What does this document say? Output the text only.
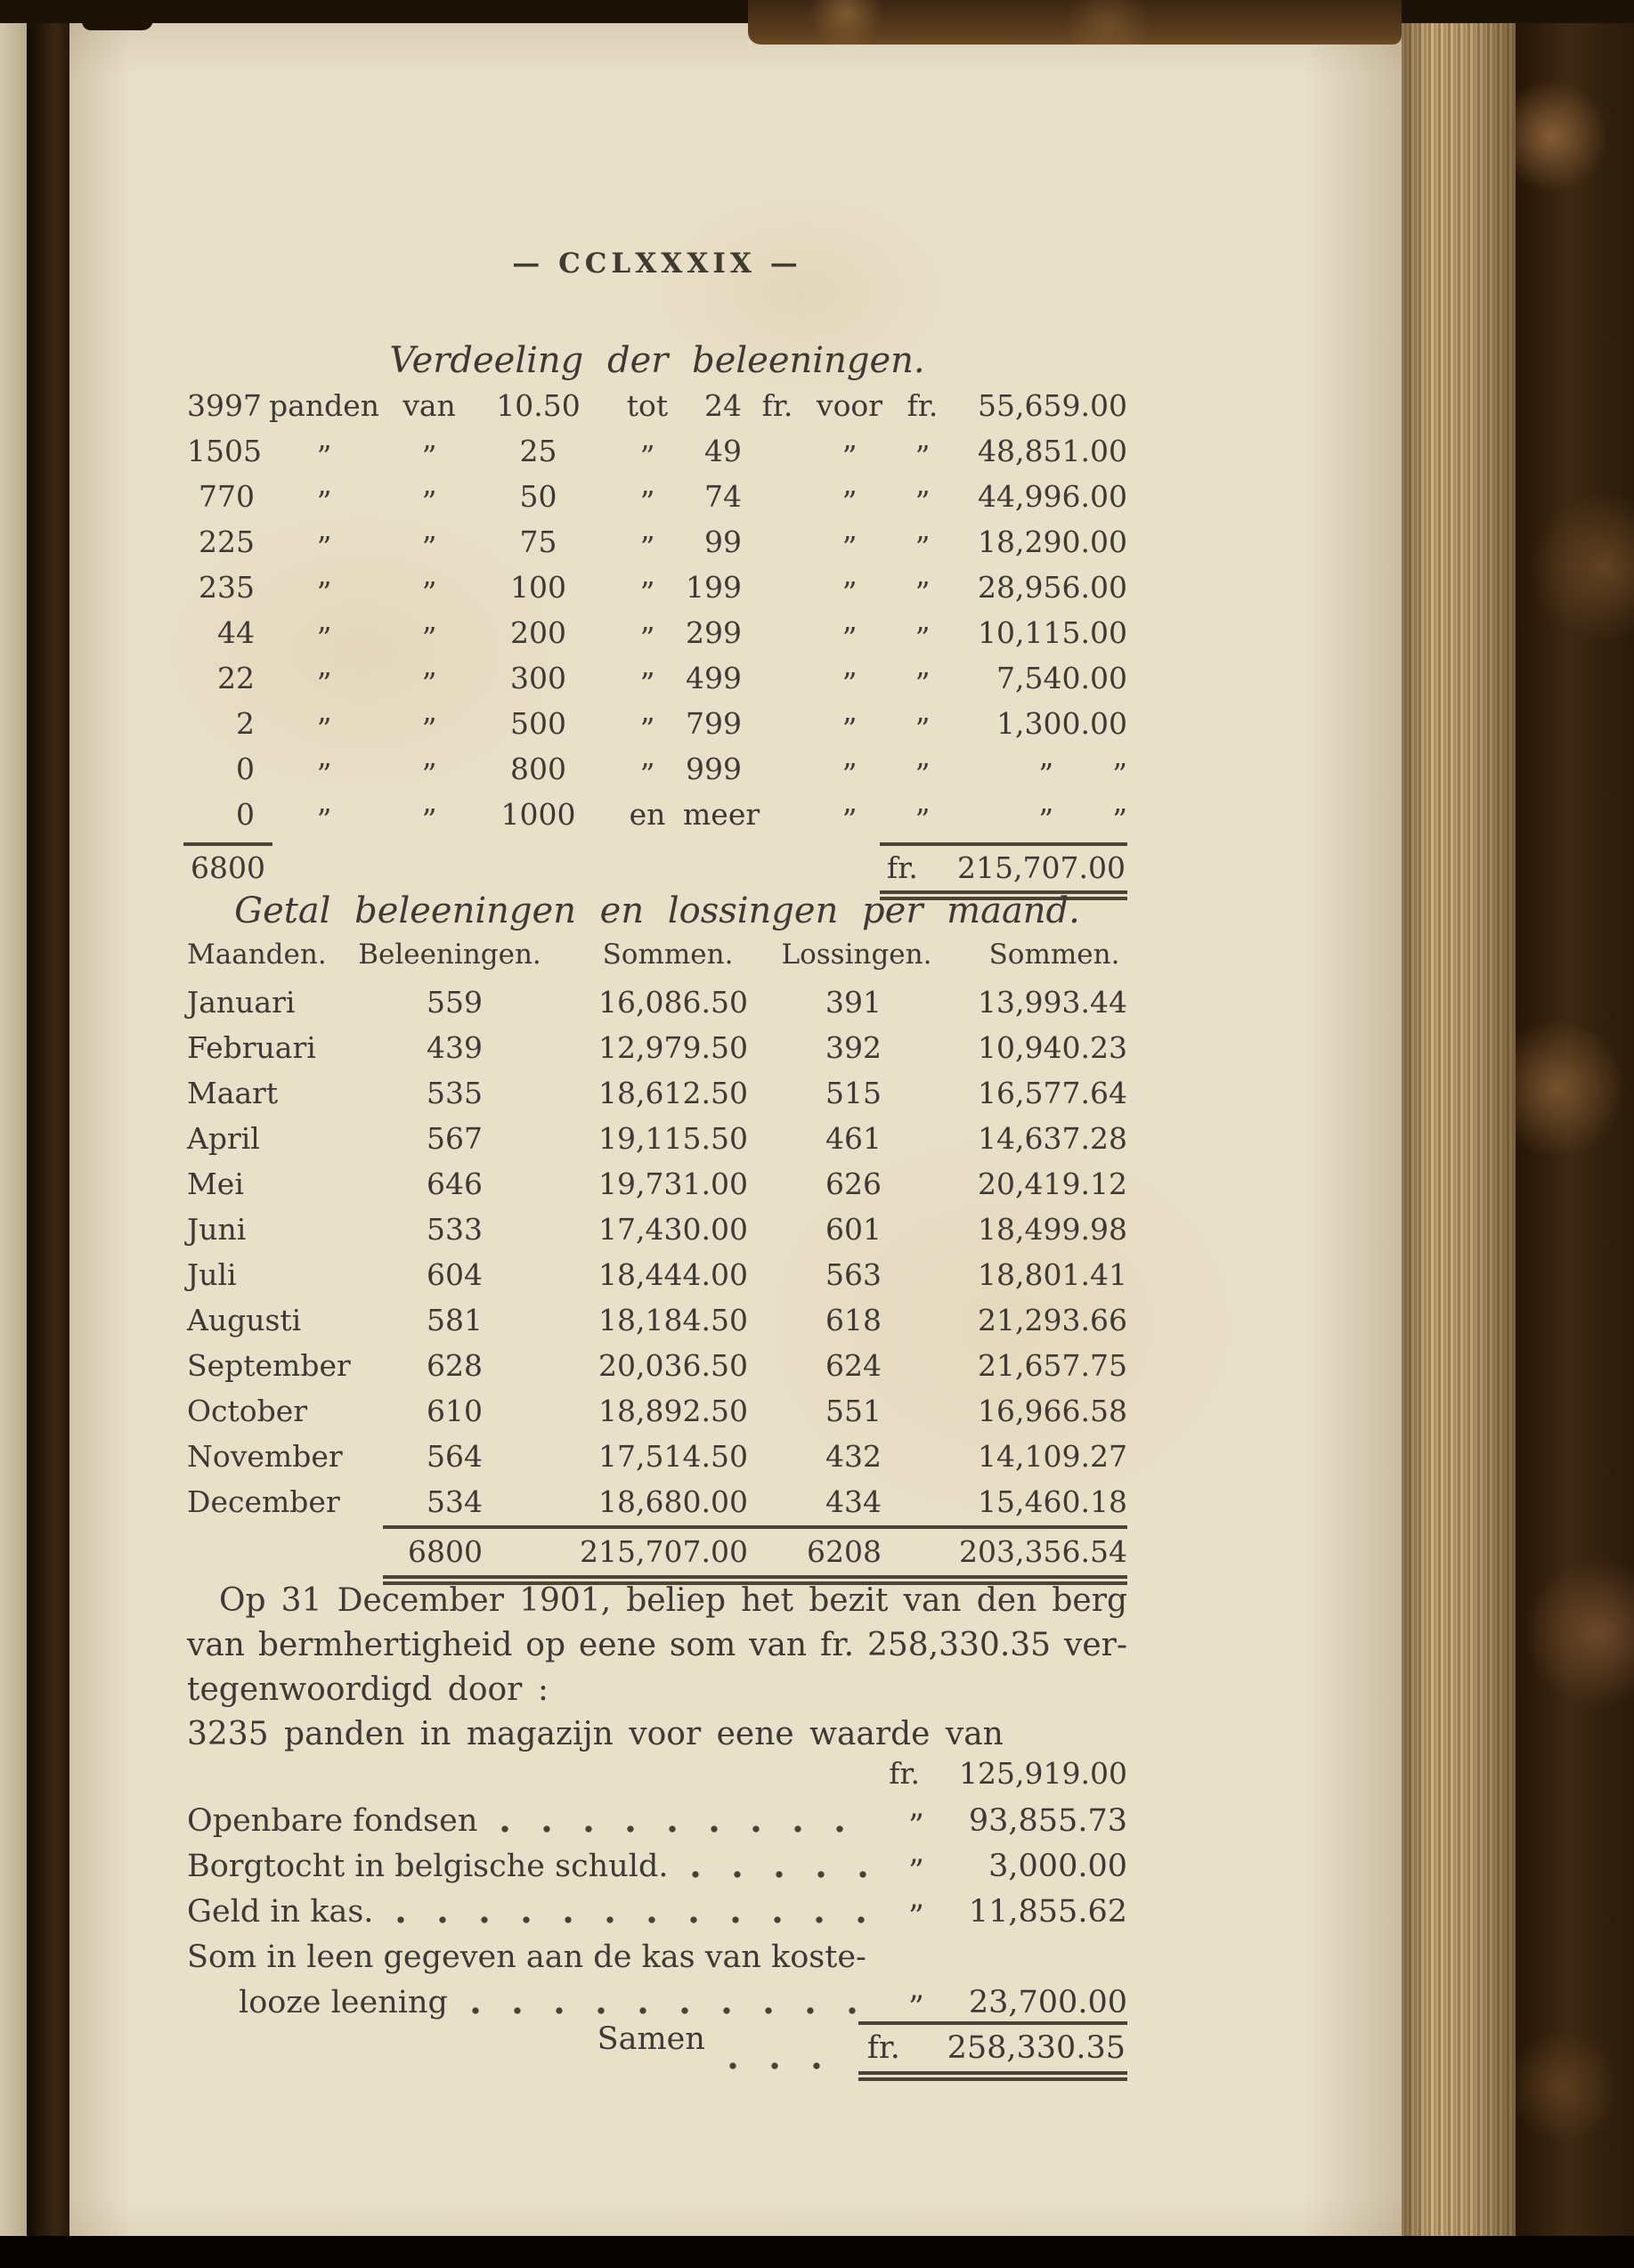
— CCLXXXIX —
Verdeeling der beleeningen.
3997 panden van	10.50	tot	24 fr. voor fr.	55,659.00
1505	”	”	25	”	49	”	”	48,851.00
770	”	”	50	”	74	”	”	44,996.00
225	”	”	75	”	99	”	”	18,290.00
235	”	”	100	”	199	”	”	28,956.00
44	”	”	200	”	299	”	”	10,115.00
22	”	”	300	”	499	”	”	7,540.00
2	”	”	500	”	799	”	”	1,300.00
0	”	”	800	”	999	”	”	”  ”
0	”	”	1000	en meer	”	”	”  ”
6800	fr. 215,707.00
Getal beleeningen en lossingen per maand.
Maanden. Beleeningen. Sommen. Lossingen. Sommen.
Januari	559	16,086.50	391	13,993.44
Februari	439	12,979.50	392	10,940.23
Maart	535	18,612.50	515	16,577.64
April	567	19,115.50	461	14,637.28
Mei	646	19,731.00	626	20,419.12
Juni	533	17,430.00	601	18,499.98
Juli	604	18,444.00	563	18,801.41
Augusti	581	18,184.50	618	21,293.66
September	628	20,036.50	624	21,657.75
October	610	18,892.50	551	16,966.58
November	564	17,514.50	432	14,109.27
December	534	18,680.00	434	15,460.18
6800	215,707.00	6208	203,356.54
Op 31 December 1901, beliep het bezit van den berg
van bermhertigheid op eene som van fr. 258,330.35 ver-
tegenwoordigd door :
3235 panden in magazijn voor eene waarde van
fr. 125,919.00
Openbare fondsen	”	93,855.73
Borgtocht in belgische schuld.	”	3,000.00
Geld in kas.	”	11,855.62
Som in leen gegeven aan de kas van koste-
looze leening	”	23,700.00
Samen	fr. 258,330.35
